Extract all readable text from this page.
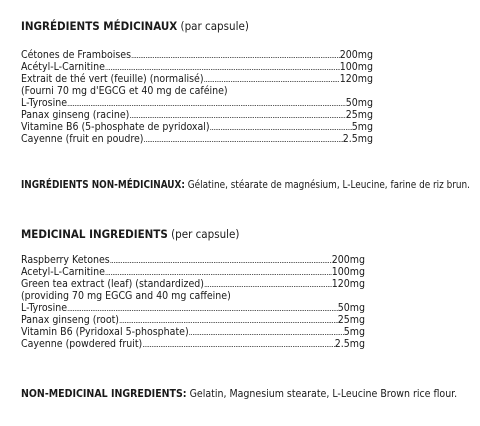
INGRÉDIENTS MÉDICINAUX (par capsule)
Cétones de Framboises .....	200mg
Acétyl-L-Carnitine .....	100mg
Extrait de thé vert (feuille) (normalisé) .....	120mg
(Fourni 70 mg d'EGCG et 40 mg de caféine)
L-Tyrosine .....	50mg
Panax ginseng (racine) .....	25mg
Vitamine B6 (5-phosphate de pyridoxal) .....	5mg
Cayenne (fruit en poudre) .....	2.5mg
INGRÉDIENTS NON-MÉDICINAUX: Gélatine, stéarate de magnésium, L-Leucine, farine de riz brun.
MEDICINAL INGREDIENTS (per capsule)
Raspberry Ketones .....	200mg
Acetyl-L-Carnitine .....	100mg
Green tea extract (leaf) (standardized) .....	120mg
(providing 70 mg EGCG and 40 mg caffeine)
L-Tyrosine .....	50mg
Panax ginseng (root) .....	25mg
Vitamin B6 (Pyridoxal 5-phosphate) .....	5mg
Cayenne (powdered fruit) .....	2.5mg
NON-MEDICINAL INGREDIENTS: Gelatin, Magnesium stearate, L-Leucine Brown rice flour.
